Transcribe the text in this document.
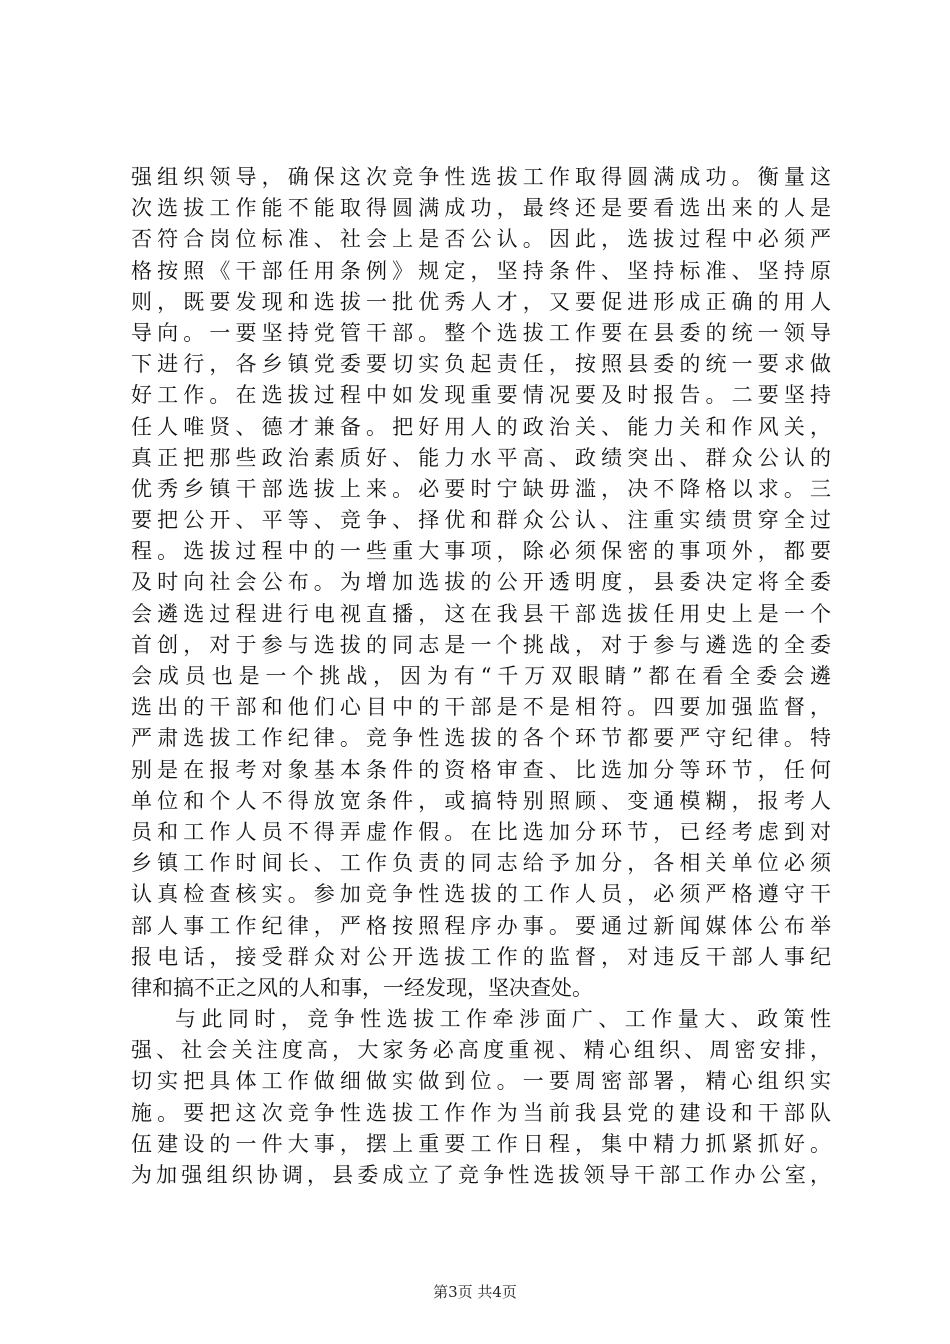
强组织领导，确保这次竞争性选拔工作取得圆满成功。衡量这
次选拔工作能不能取得圆满成功，最终还是要看选出来的人是
否符合岗位标准、社会上是否公认。因此，选拔过程中必须严
格按照《干部任用条例》规定，坚持条件、坚持标准、坚持原
则，既要发现和选拔一批优秀人才，又要促进形成正确的用人
导向。一要坚持党管干部。整个选拔工作要在县委的统一领导
下进行，各乡镇党委要切实负起责任，按照县委的统一要求做
好工作。在选拔过程中如发现重要情况要及时报告。二要坚持
任人唯贤、德才兼备。把好用人的政治关、能力关和作风关，
真正把那些政治素质好、能力水平高、政绩突出、群众公认的
优秀乡镇干部选拔上来。必要时宁缺毋滥，决不降格以求。三
要把公开、平等、竞争、择优和群众公认、注重实绩贯穿全过
程。选拔过程中的一些重大事项，除必须保密的事项外，都要
及时向社会公布。为增加选拔的公开透明度，县委决定将全委
会遴选过程进行电视直播，这在我县干部选拔任用史上是一个
首创，对于参与选拔的同志是一个挑战，对于参与遴选的全委
会成员也是一个挑战，因为有“千万双眼睛”都在看全委会遴
选出的干部和他们心目中的干部是不是相符。四要加强监督，
严肃选拔工作纪律。竞争性选拔的各个环节都要严守纪律。特
别是在报考对象基本条件的资格审查、比选加分等环节，任何
单位和个人不得放宽条件，或搞特别照顾、变通模糊，报考人
员和工作人员不得弄虚作假。在比选加分环节，已经考虑到对
乡镇工作时间长、工作负责的同志给予加分，各相关单位必须
认真检查核实。参加竞争性选拔的工作人员，必须严格遵守干
部人事工作纪律，严格按照程序办事。要通过新闻媒体公布举
报电话，接受群众对公开选拔工作的监督，对违反干部人事纪
律和搞不正之风的人和事，一经发现，坚决查处。
与此同时，竞争性选拔工作牵涉面广、工作量大、政策性
强、社会关注度高，大家务必高度重视、精心组织、周密安排，
切实把具体工作做细做实做到位。一要周密部署，精心组织实
施。要把这次竞争性选拔工作作为当前我县党的建设和干部队
伍建设的一件大事，摆上重要工作日程，集中精力抓紧抓好。
为加强组织协调，县委成立了竞争性选拔领导干部工作办公室，
第3页 共4页
